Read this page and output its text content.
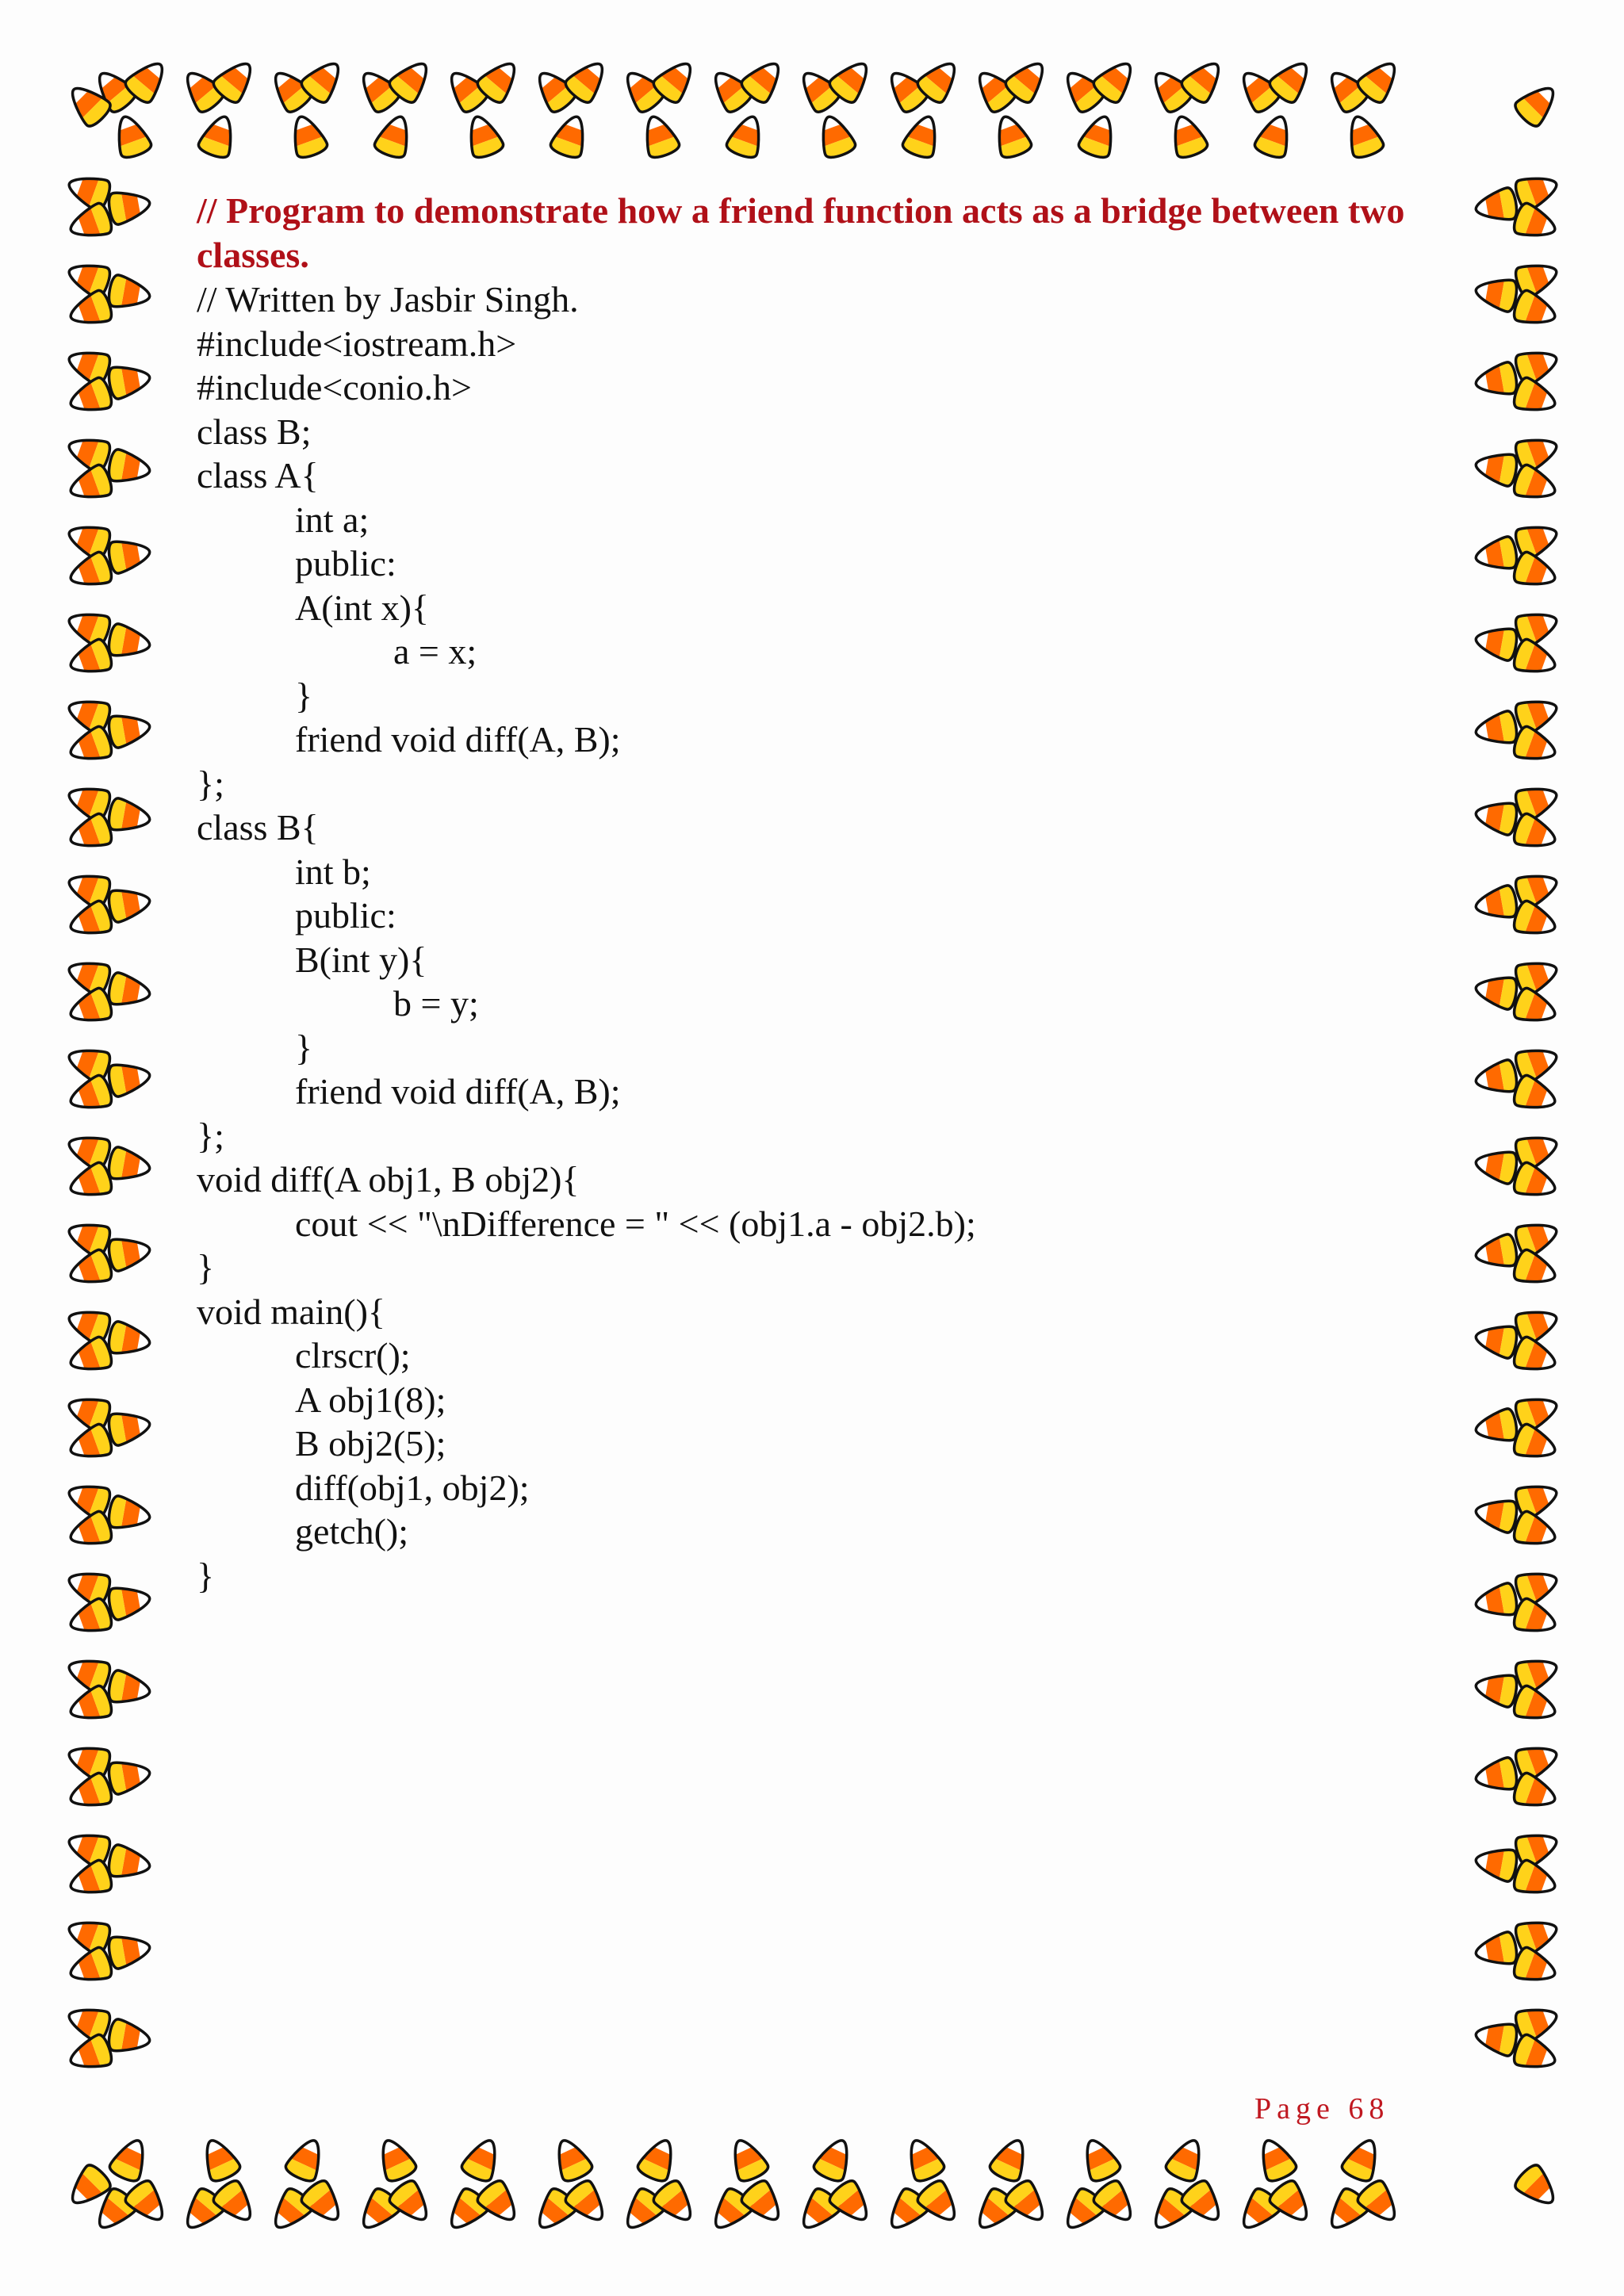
// Program to demonstrate how a friend function acts as a bridge between two classes.

// Written by Jasbir Singh.
#include<iostream.h>
#include<conio.h>
class B;
class A{
int a;
public:
A(int x){
a = x;
}
friend void diff(A, B);
};
class B{
int b;
public:
B(int y){
b = y;
}
friend void diff(A, B);
};
void diff(A obj1, B obj2){
cout << "\nDifference = " << (obj1.a - obj2.b);
}
void main(){
clrscr();
A obj1(8);
B obj2(5);
diff(obj1, obj2);
getch();
}
Page 68
